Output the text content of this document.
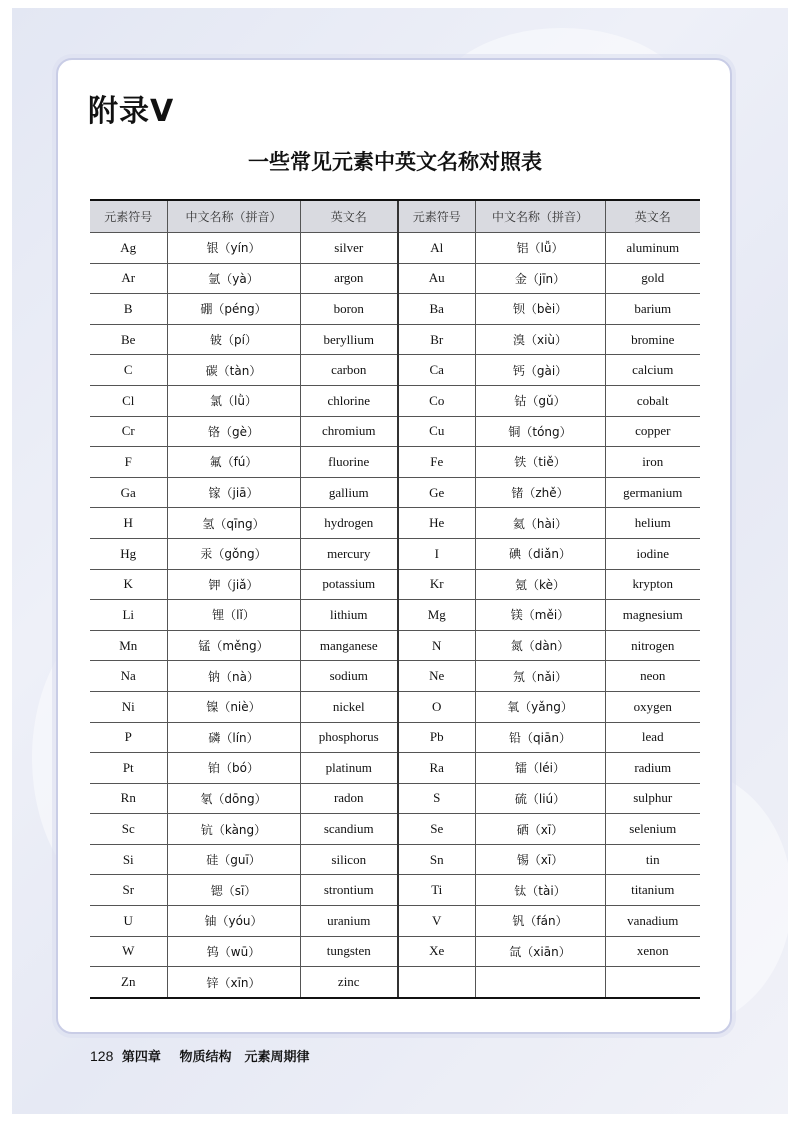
附录Ⅴ
一些常见元素中英文名称对照表
元素符号	中文名称（拼音）	英文名	元素符号	中文名称（拼音）	英文名
Ag	银（yín）	silver	Al	铝（lǚ）	aluminum
Ar	氩（yà）	argon	Au	金（jīn）	gold
B	硼（péng）	boron	Ba	钡（bèi）	barium
Be	铍（pí）	beryllium	Br	溴（xiù）	bromine
C	碳（tàn）	carbon	Ca	钙（gài）	calcium
Cl	氯（lǜ）	chlorine	Co	钴（gǔ）	cobalt
Cr	铬（gè）	chromium	Cu	铜（tóng）	copper
F	氟（fú）	fluorine	Fe	铁（tiě）	iron
Ga	镓（jiā）	gallium	Ge	锗（zhě）	germanium
H	氢（qīng）	hydrogen	He	氦（hài）	helium
Hg	汞（gǒng）	mercury	I	碘（diǎn）	iodine
K	钾（jiǎ）	potassium	Kr	氪（kè）	krypton
Li	锂（lǐ）	lithium	Mg	镁（měi）	magnesium
Mn	锰（měng）	manganese	N	氮（dàn）	nitrogen
Na	钠（nà）	sodium	Ne	氖（nǎi）	neon
Ni	镍（niè）	nickel	O	氧（yǎng）	oxygen
P	磷（lín）	phosphorus	Pb	铅（qiān）	lead
Pt	铂（bó）	platinum	Ra	镭（léi）	radium
Rn	氡（dōng）	radon	S	硫（liú）	sulphur
Sc	钪（kàng）	scandium	Se	硒（xī）	selenium
Si	硅（guī）	silicon	Sn	锡（xī）	tin
Sr	锶（sī）	strontium	Ti	钛（tài）	titanium
U	铀（yóu）	uranium	V	钒（fán）	vanadium
W	钨（wū）	tungsten	Xe	氙（xiān）	xenon
Zn	锌（xīn）	zinc			
128 第四章 物质结构　元素周期律
